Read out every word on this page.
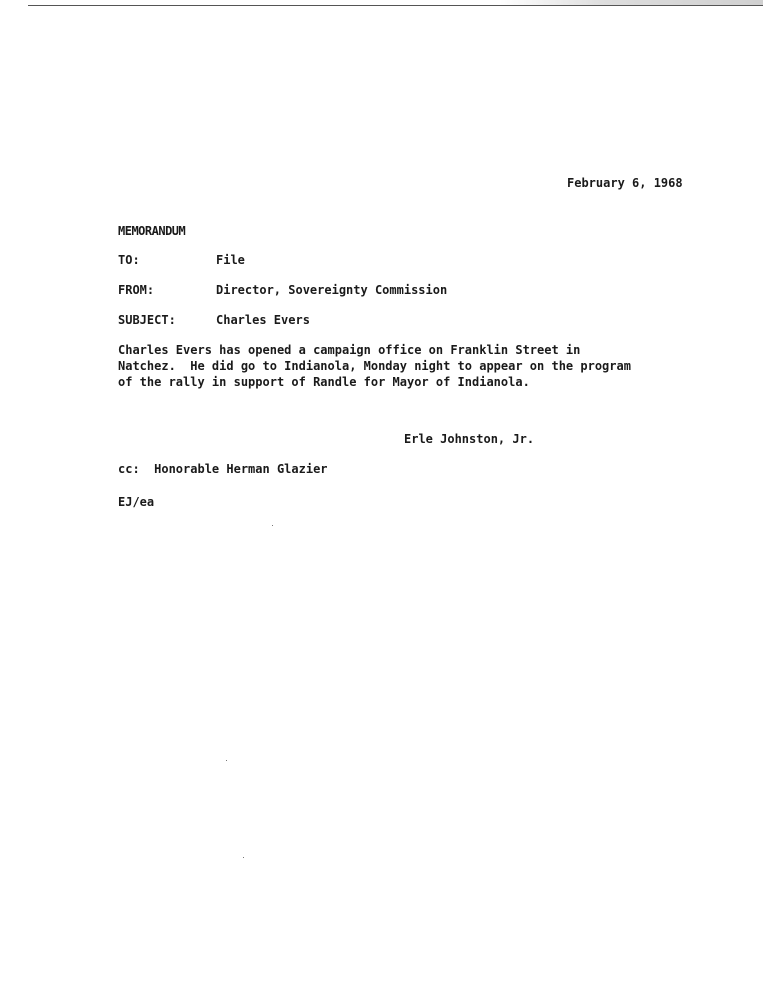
February 6, 1968
MEMORANDUM
TO:	File
FROM:	Director, Sovereignty Commission
SUBJECT:	Charles Evers
Charles Evers has opened a campaign office on Franklin Street in
Natchez.  He did go to Indianola, Monday night to appear on the program
of the rally in support of Randle for Mayor of Indianola.
Erle Johnston, Jr.
cc:  Honorable Herman Glazier
EJ/ea
